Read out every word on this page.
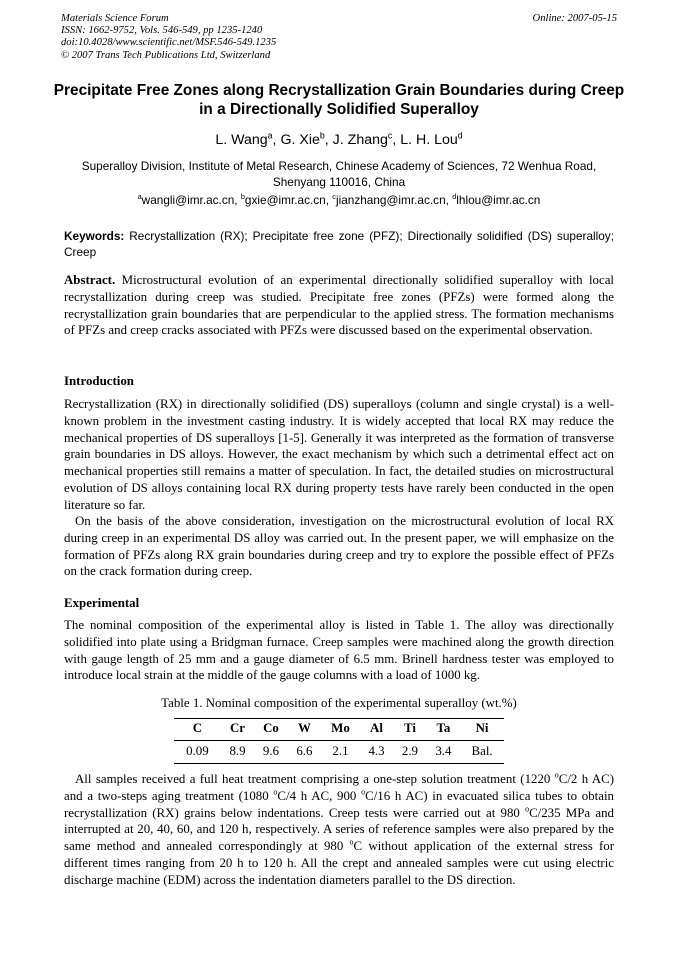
Materials Science Forum
ISSN: 1662-9752, Vols. 546-549, pp 1235-1240
doi:10.4028/www.scientific.net/MSF.546-549.1235
© 2007 Trans Tech Publications Ltd, Switzerland
Online: 2007-05-15
Precipitate Free Zones along Recrystallization Grain Boundaries during Creep in a Directionally Solidified Superalloy
L. Wang$^a$, G. Xie$^b$, J. Zhang$^c$, L. H. Lou$^d$
Superalloy Division, Institute of Metal Research, Chinese Academy of Sciences, 72 Wenhua Road, Shenyang 110016, China
$^a$wangli@imr.ac.cn, $^b$gxie@imr.ac.cn, $^c$jianzhang@imr.ac.cn, $^d$lhlou@imr.ac.cn
Keywords: Recrystallization (RX); Precipitate free zone (PFZ); Directionally solidified (DS) superalloy; Creep
Abstract. Microstructural evolution of an experimental directionally solidified superalloy with local recrystallization during creep was studied. Precipitate free zones (PFZs) were formed along the recrystallization grain boundaries that are perpendicular to the applied stress. The formation mechanisms of PFZs and creep cracks associated with PFZs were discussed based on the experimental observation.
Introduction
Recrystallization (RX) in directionally solidified (DS) superalloys (column and single crystal) is a well-known problem in the investment casting industry. It is widely accepted that local RX may reduce the mechanical properties of DS superalloys [1-5]. Generally it was interpreted as the formation of transverse grain boundaries in DS alloys. However, the exact mechanism by which such a detrimental effect act on mechanical properties still remains a matter of speculation. In fact, the detailed studies on microstructural evolution of DS alloys containing local RX during property tests have rarely been conducted in the open literature so far.
On the basis of the above consideration, investigation on the microstructural evolution of local RX during creep in an experimental DS alloy was carried out. In the present paper, we will emphasize on the formation of PFZs along RX grain boundaries during creep and try to explore the possible effect of PFZs on the crack formation during creep.
Experimental
The nominal composition of the experimental alloy is listed in Table 1. The alloy was directionally solidified into plate using a Bridgman furnace. Creep samples were machined along the growth direction with gauge length of 25 mm and a gauge diameter of 6.5 mm. Brinell hardness tester was employed to introduce local strain at the middle of the gauge columns with a load of 1000 kg.
Table 1. Nominal composition of the experimental superalloy (wt.%)
C	Cr	Co	W	Mo	Al	Ti	Ta	Ni
0.09	8.9	9.6	6.6	2.1	4.3	2.9	3.4	Bal.
All samples received a full heat treatment comprising a one-step solution treatment (1220 $^o$C/2 h AC) and a two-steps aging treatment (1080 $^o$C/4 h AC, 900 $^o$C/16 h AC) in evacuated silica tubes to obtain recrystallization (RX) grains below indentations. Creep tests were carried out at 980 $^o$C/235 MPa and interrupted at 20, 40, 60, and 120 h, respectively. A series of reference samples were also prepared by the same method and annealed correspondingly at 980 $^o$C without application of the external stress for different times ranging from 20 h to 120 h. All the crept and annealed samples were cut using electric discharge machine (EDM) across the indentation diameters parallel to the DS direction.
